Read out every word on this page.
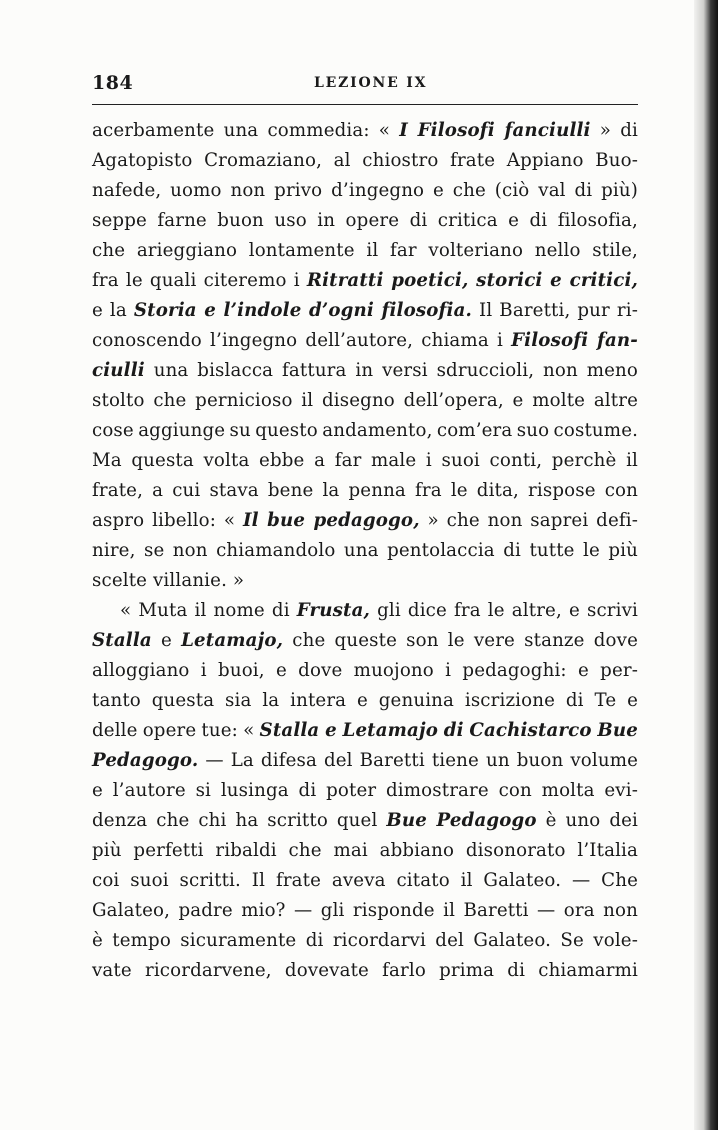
184	LEZIONE IX
acerbamente una commedia: « I Filosofi fanciulli » di
Agatopisto Cromaziano, al chiostro frate Appiano Buo-
nafede, uomo non privo d’ingegno e che (ciò val di più)
seppe farne buon uso in opere di critica e di filosofia,
che arieggiano lontamente il far volteriano nello stile,
fra le quali citeremo i Ritratti poetici, storici e critici,
e la Storia e l’indole d’ogni filosofia. Il Baretti, pur ri-
conoscendo l’ingegno dell’autore, chiama i Filosofi fan-
ciulli una bislacca fattura in versi sdruccioli, non meno
stolto che pernicioso il disegno dell’opera, e molte altre
cose aggiunge su questo andamento, com’era suo costume.
Ma questa volta ebbe a far male i suoi conti, perchè il
frate, a cui stava bene la penna fra le dita, rispose con
aspro libello: « Il bue pedagogo, » che non saprei defi-
nire, se non chiamandolo una pentolaccia di tutte le più
scelte villanie. »
« Muta il nome di Frusta, gli dice fra le altre, e scrivi
Stalla e Letamajo, che queste son le vere stanze dove
alloggiano i buoi, e dove muojono i pedagoghi: e per-
tanto questa sia la intera e genuina iscrizione di Te e
delle opere tue: « Stalla e Letamajo di Cachistarco Bue
Pedagogo. — La difesa del Baretti tiene un buon volume
e l’autore si lusinga di poter dimostrare con molta evi-
denza che chi ha scritto quel Bue Pedagogo è uno dei
più perfetti ribaldi che mai abbiano disonorato l’Italia
coi suoi scritti. Il frate aveva citato il Galateo. — Che
Galateo, padre mio? — gli risponde il Baretti — ora non
è tempo sicuramente di ricordarvi del Galateo. Se vole-
vate ricordarvene, dovevate farlo prima di chiamarmi
